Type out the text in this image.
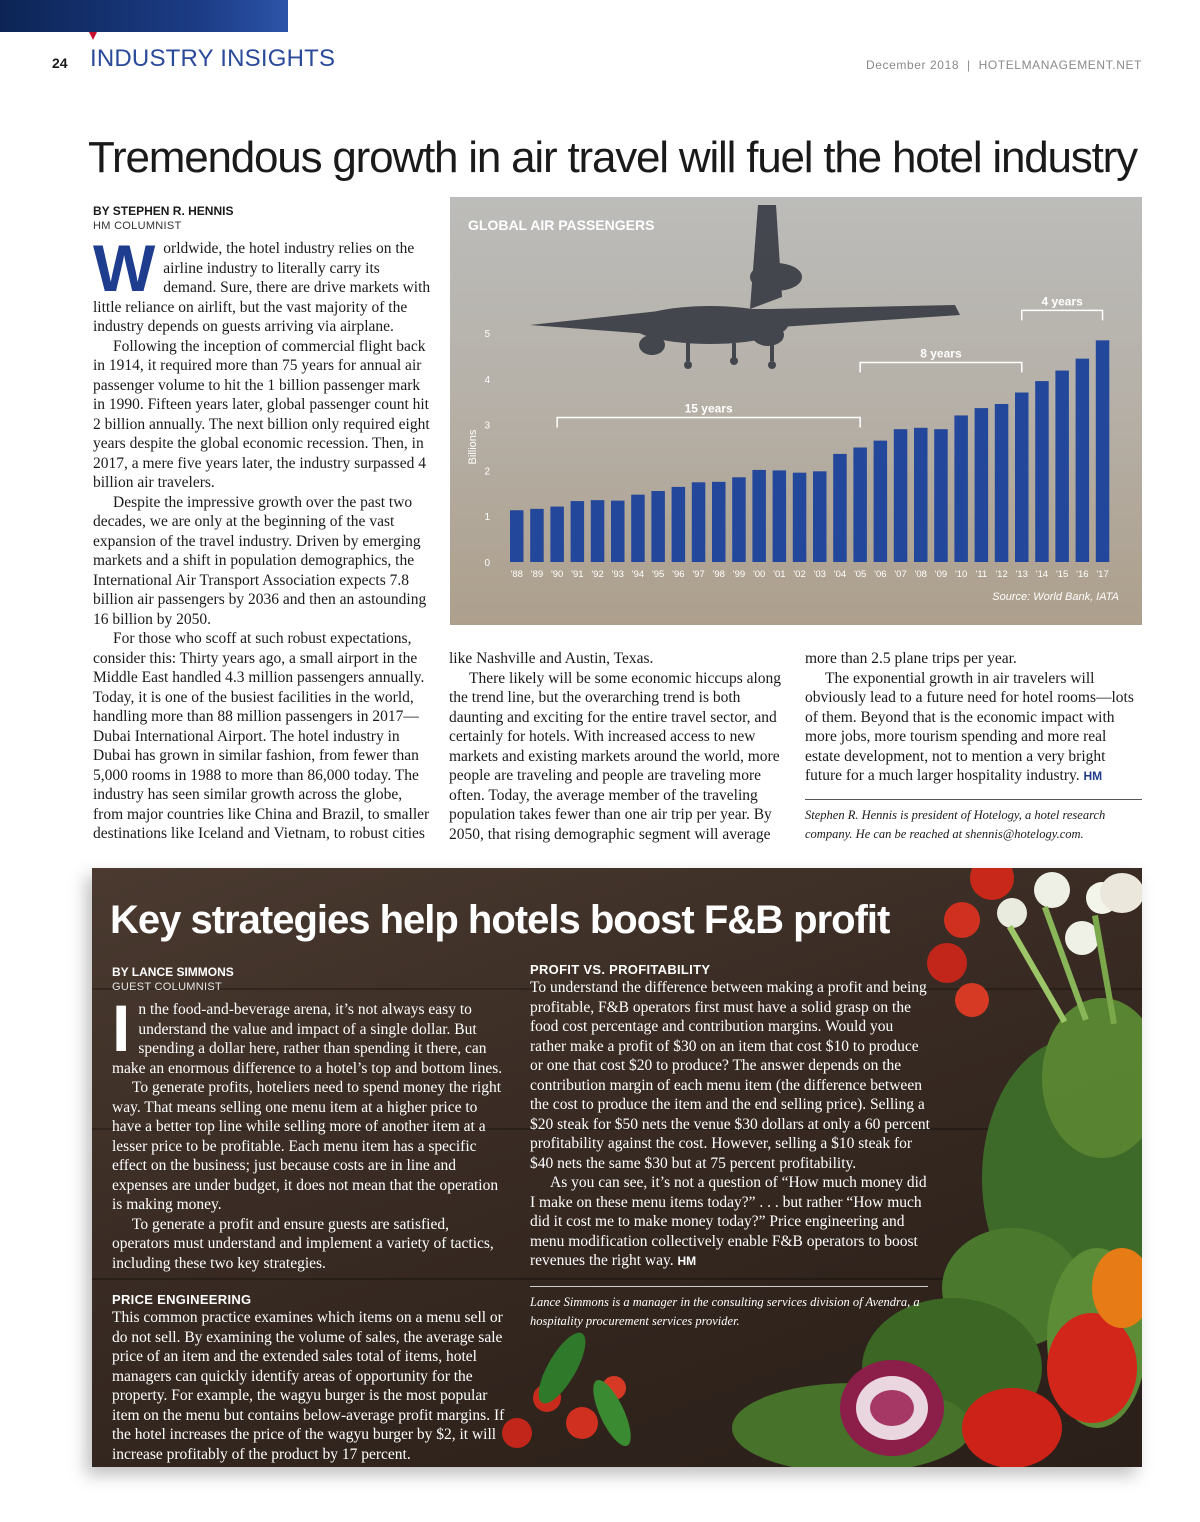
24 INDUSTRY INSIGHTS	December 2018  |  HOTELMANAGEMENT.NET
Tremendous growth in air travel will fuel the hotel industry
BY STEPHEN R. HENNIS
HM COLUMNIST

Worldwide, the hotel industry relies on the airline industry to literally carry its demand. Sure, there are drive markets with little reliance on airlift, but the vast majority of the industry depends on guests arriving via airplane.

Following the inception of commercial flight back in 1914, it required more than 75 years for annual air passenger volume to hit the 1 billion passenger mark in 1990. Fifteen years later, global passenger count hit 2 billion annually. The next billion only required eight years despite the global economic recession. Then, in 2017, a mere five years later, the industry surpassed 4 billion air travelers.

Despite the impressive growth over the past two decades, we are only at the beginning of the vast expansion of the travel industry. Driven by emerging markets and a shift in population demographics, the International Air Transport Association expects 7.8 billion air passengers by 2036 and then an astounding 16 billion by 2050.

For those who scoff at such robust expectations, consider this: Thirty years ago, a small airport in the Middle East handled 4.3 million passengers annually. Today, it is one of the busiest facilities in the world, handling more than 88 million passengers in 2017—Dubai International Airport. The hotel industry in Dubai has grown in similar fashion, from fewer than 5,000 rooms in 1988 to more than 86,000 today. The industry has seen similar growth across the globe, from major countries like China and Brazil, to smaller destinations like Iceland and Vietnam, to robust cities

like Nashville and Austin, Texas.

There likely will be some economic hiccups along the trend line, but the overarching trend is both daunting and exciting for the entire travel sector, and certainly for hotels. With increased access to new markets and existing markets around the world, more people are traveling and people are traveling more often. Today, the average member of the traveling population takes fewer than one air trip per year. By 2050, that rising demographic segment will average

more than 2.5 plane trips per year.

The exponential growth in air travelers will obviously lead to a future need for hotel rooms—lots of them. Beyond that is the economic impact with more jobs, more tourism spending and more real estate development, not to mention a very bright future for a much larger hospitality industry. HM

Stephen R. Hennis is president of Hotelogy, a hotel research company. He can be reached at shennis@hotelogy.com.
GLOBAL AIR PASSENGERS
Billions
0
1
2
3
4
5
'88 '89 '90 '91 '92 '93 '94 '95 '96 '97 '98 '99 '00 '01 '02 '03 '04 '05 '06 '07 '08 '09 '10 '11 '12 '13 '14 '15 '16 '17
15 years
8 years
4 years
Source: World Bank, IATA
Key strategies help hotels boost F&B profit
BY LANCE SIMMONS
GUEST COLUMNIST

In the food-and-beverage arena, it’s not always easy to understand the value and impact of a single dollar. But spending a dollar here, rather than spending it there, can make an enormous difference to a hotel’s top and bottom lines.

To generate profits, hoteliers need to spend money the right way. That means selling one menu item at a higher price to have a better top line while selling more of another item at a lesser price to be profitable. Each menu item has a specific effect on the business; just because costs are in line and expenses are under budget, it does not mean that the operation is making money.

To generate a profit and ensure guests are satisfied, operators must understand and implement a variety of tactics, including these two key strategies.

PRICE ENGINEERING

This common practice examines which items on a menu sell or do not sell. By examining the volume of sales, the average sale price of an item and the extended sales total of items, hotel managers can quickly identify areas of opportunity for the property. For example, the wagyu burger is the most popular item on the menu but contains below-average profit margins. If the hotel increases the price of the wagyu burger by $2, it will increase profitably of the product by 17 percent.

PROFIT VS. PROFITABILITY

To understand the difference between making a profit and being profitable, F&B operators first must have a solid grasp on the food cost percentage and contribution margins. Would you rather make a profit of $30 on an item that cost $10 to produce or one that cost $20 to produce? The answer depends on the contribution margin of each menu item (the difference between the cost to produce the item and the end selling price). Selling a $20 steak for $50 nets the venue $30 dollars at only a 60 percent profitability against the cost. However, selling a $10 steak for $40 nets the same $30 but at 75 percent profitability.

As you can see, it’s not a question of “How much money did I make on these menu items today?” . . . but rather “How much did it cost me to make money today?” Price engineering and menu modification collectively enable F&B operators to boost revenues the right way. HM

Lance Simmons is a manager in the consulting services division of Avendra, a hospitality procurement services provider.
